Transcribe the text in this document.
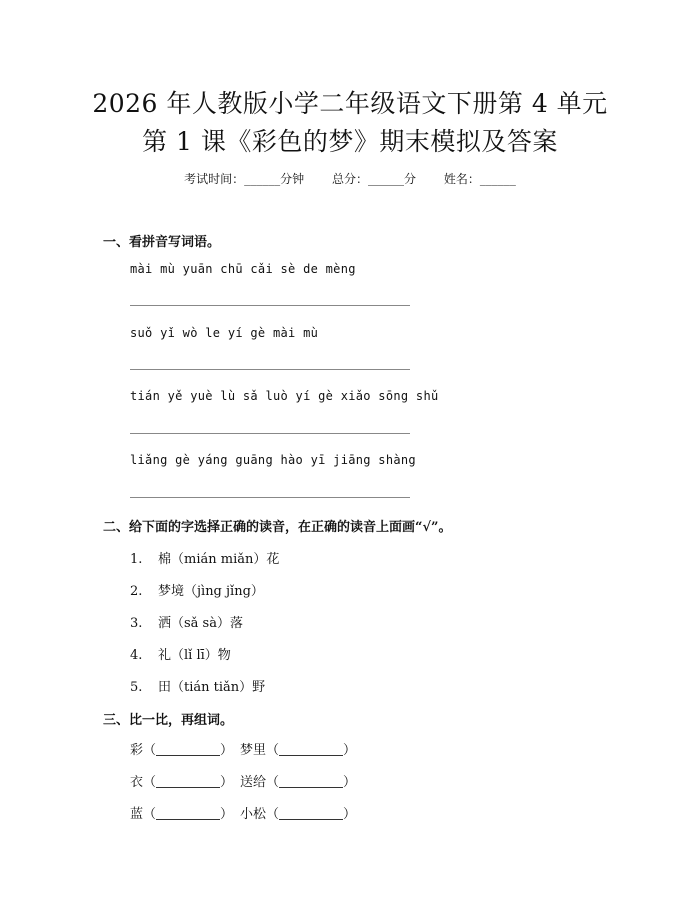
2026 年人教版小学二年级语文下册第 4 单元
第 1 课《彩色的梦》期末模拟及答案
考试时间：______分钟 总分：______分 姓名：______
一、看拼音写词语。
mài mù yuān chū cǎi sè de mèng
suǒ yǐ wò le yí gè mài mù
tián yě yuè lù sǎ luò yí gè xiǎo sōng shǔ
liǎng gè yáng guāng hào yī jiāng shàng
二、给下面的字选择正确的读音，在正确的读音上面画“√”。
1. 棉（mián miǎn）花
2. 梦境（jìng jǐng）
3. 洒（sǎ sà）落
4. 礼（lǐ lī）物
5. 田（tián tiǎn）野
三、比一比，再组词。
彩（	） 梦里（	）
衣（	） 送给（	）
蓝（	） 小松（	）
